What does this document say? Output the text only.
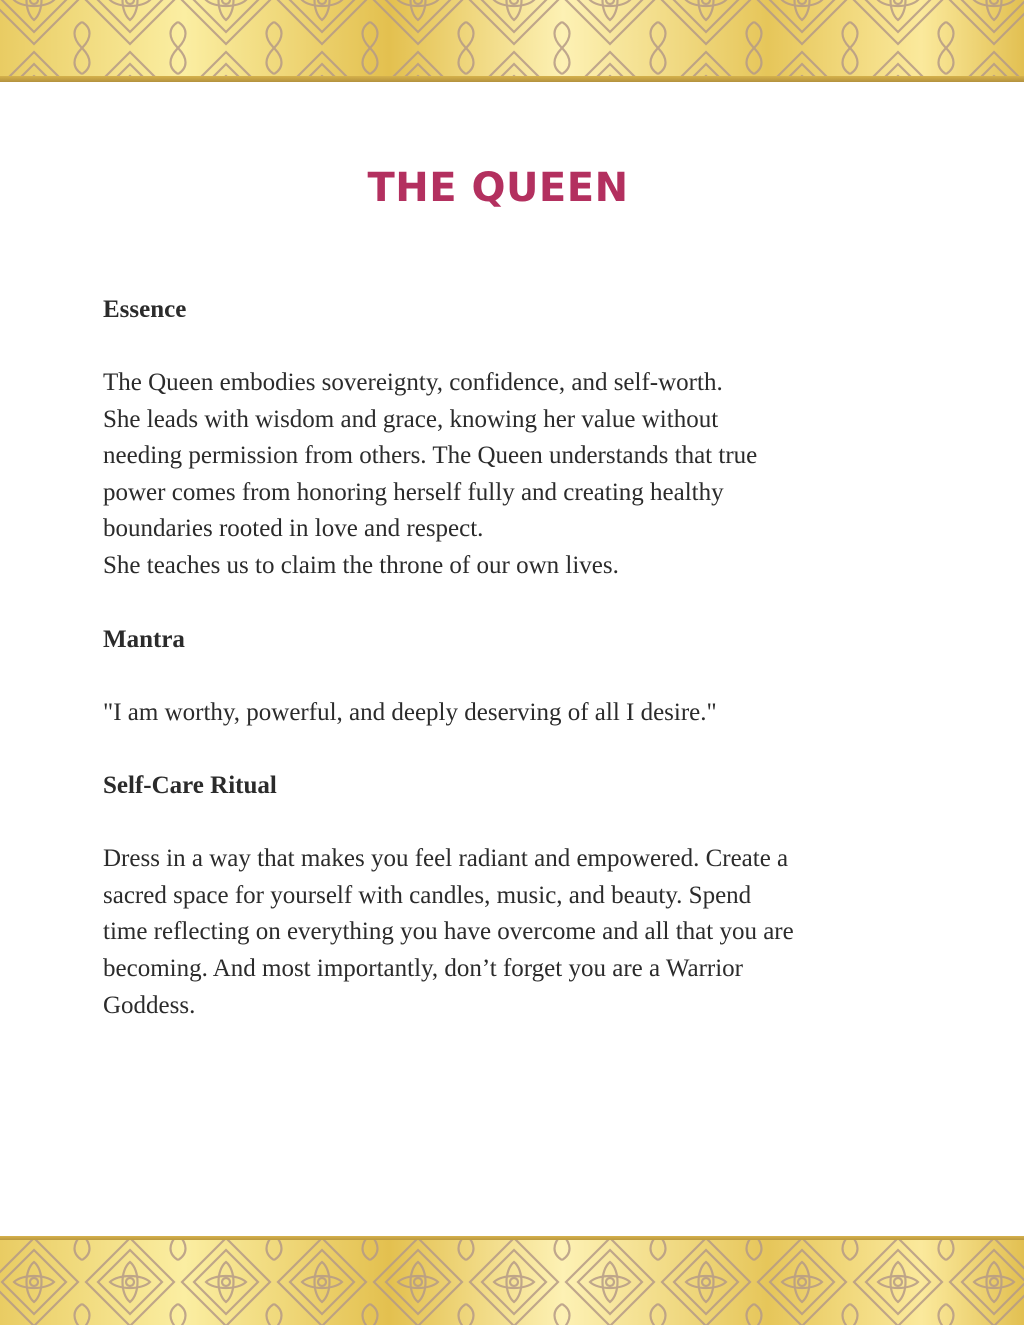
THE QUEEN

Essence

The Queen embodies sovereignty, confidence, and self-worth.

She leads with wisdom and grace, knowing her value without

needing permission from others. The Queen understands that true

power comes from honoring herself fully and creating healthy

boundaries rooted in love and respect.

She teaches us to claim the throne of our own lives.

Mantra

"I am worthy, powerful, and deeply deserving of all I desire."

Self-Care Ritual

Dress in a way that makes you feel radiant and empowered. Create a

sacred space for yourself with candles, music, and beauty. Spend

time reflecting on everything you have overcome and all that you are

becoming. And most importantly, don’t forget you are a Warrior

Goddess.
